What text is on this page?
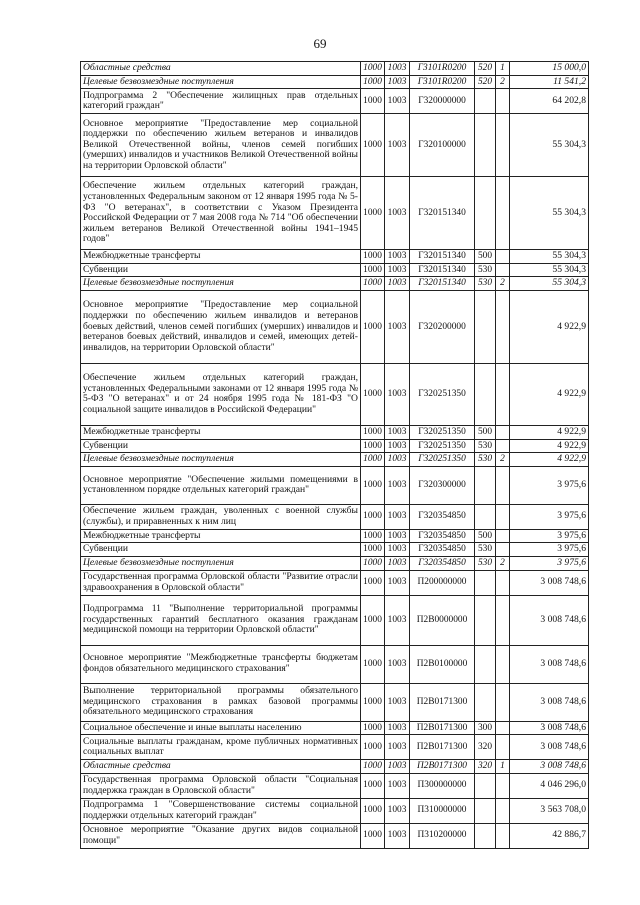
69
Областные средства	1000	1003	Г3101R0200	520	1	15 000,0
Целевые безвозмездные поступления	1000	1003	Г3101R0200	520	2	11 541,2
Подпрограмма 2 "Обеспечение жилищных прав отдельных категорий граждан"	1000	1003	Г320000000			64 202,8
Основное мероприятие "Предоставление мер социальной поддержки по обеспечению жильем ветеранов и инвалидов Великой Отечественной войны, членов семей погибших (умерших) инвалидов и участников Великой Отечественной войны на территории Орловской области"	1000	1003	Г320100000			55 304,3
Обеспечение жильем отдельных категорий граждан, установленных Федеральным законом от 12 января 1995 года № 5-ФЗ "О ветеранах", в соответствии с Указом Президента Российской Федерации от 7 мая 2008 года № 714 "Об обеспечении жильем ветеранов Великой Отечественной войны 1941–1945 годов"	1000	1003	Г320151340			55 304,3
Межбюджетные трансферты	1000	1003	Г320151340	500		55 304,3
Субвенции	1000	1003	Г320151340	530		55 304,3
Целевые безвозмездные поступления	1000	1003	Г320151340	530	2	55 304,3
Основное мероприятие "Предоставление мер социальной поддержки по обеспечению жильем инвалидов и ветеранов боевых действий, членов семей погибших (умерших) инвалидов и ветеранов боевых действий, инвалидов и семей, имеющих детей-инвалидов, на территории Орловской области"	1000	1003	Г320200000			4 922,9
Обеспечение жильем отдельных категорий граждан, установленных Федеральными законами от 12 января 1995 года № 5-ФЗ "О ветеранах" и от 24 ноября 1995 года № 181-ФЗ "О социальной защите инвалидов в Российской Федерации"	1000	1003	Г320251350			4 922,9
Межбюджетные трансферты	1000	1003	Г320251350	500		4 922,9
Субвенции	1000	1003	Г320251350	530		4 922,9
Целевые безвозмездные поступления	1000	1003	Г320251350	530	2	4 922,9
Основное мероприятие "Обеспечение жилыми помещениями в установленном порядке отдельных категорий граждан"	1000	1003	Г320300000			3 975,6
Обеспечение жильем граждан, уволенных с военной службы (службы), и приравненных к ним лиц	1000	1003	Г320354850			3 975,6
Межбюджетные трансферты	1000	1003	Г320354850	500		3 975,6
Субвенции	1000	1003	Г320354850	530		3 975,6
Целевые безвозмездные поступления	1000	1003	Г320354850	530	2	3 975,6
Государственная программа Орловской области "Развитие отрасли здравоохранения в Орловской области"	1000	1003	П200000000			3 008 748,6
Подпрограмма 11 "Выполнение территориальной программы государственных гарантий бесплатного оказания гражданам медицинской помощи на территории Орловской области"	1000	1003	П2В0000000			3 008 748,6
Основное мероприятие "Межбюджетные трансферты бюджетам фондов обязательного медицинского страхования"	1000	1003	П2В0100000			3 008 748,6
Выполнение территориальной программы обязательного медицинского страхования в рамках базовой программы обязательного медицинского страхования	1000	1003	П2В0171300			3 008 748,6
Социальное обеспечение и иные выплаты населению	1000	1003	П2В0171300	300		3 008 748,6
Социальные выплаты гражданам, кроме публичных нормативных социальных выплат	1000	1003	П2В0171300	320		3 008 748,6
Областные средства	1000	1003	П2В0171300	320	1	3 008 748,6
Государственная программа Орловской области "Социальная поддержка граждан в Орловской области"	1000	1003	П300000000			4 046 296,0
Подпрограмма 1 "Совершенствование системы социальной поддержки отдельных категорий граждан"	1000	1003	П310000000			3 563 708,0
Основное мероприятие "Оказание других видов социальной помощи"	1000	1003	П310200000			42 886,7
